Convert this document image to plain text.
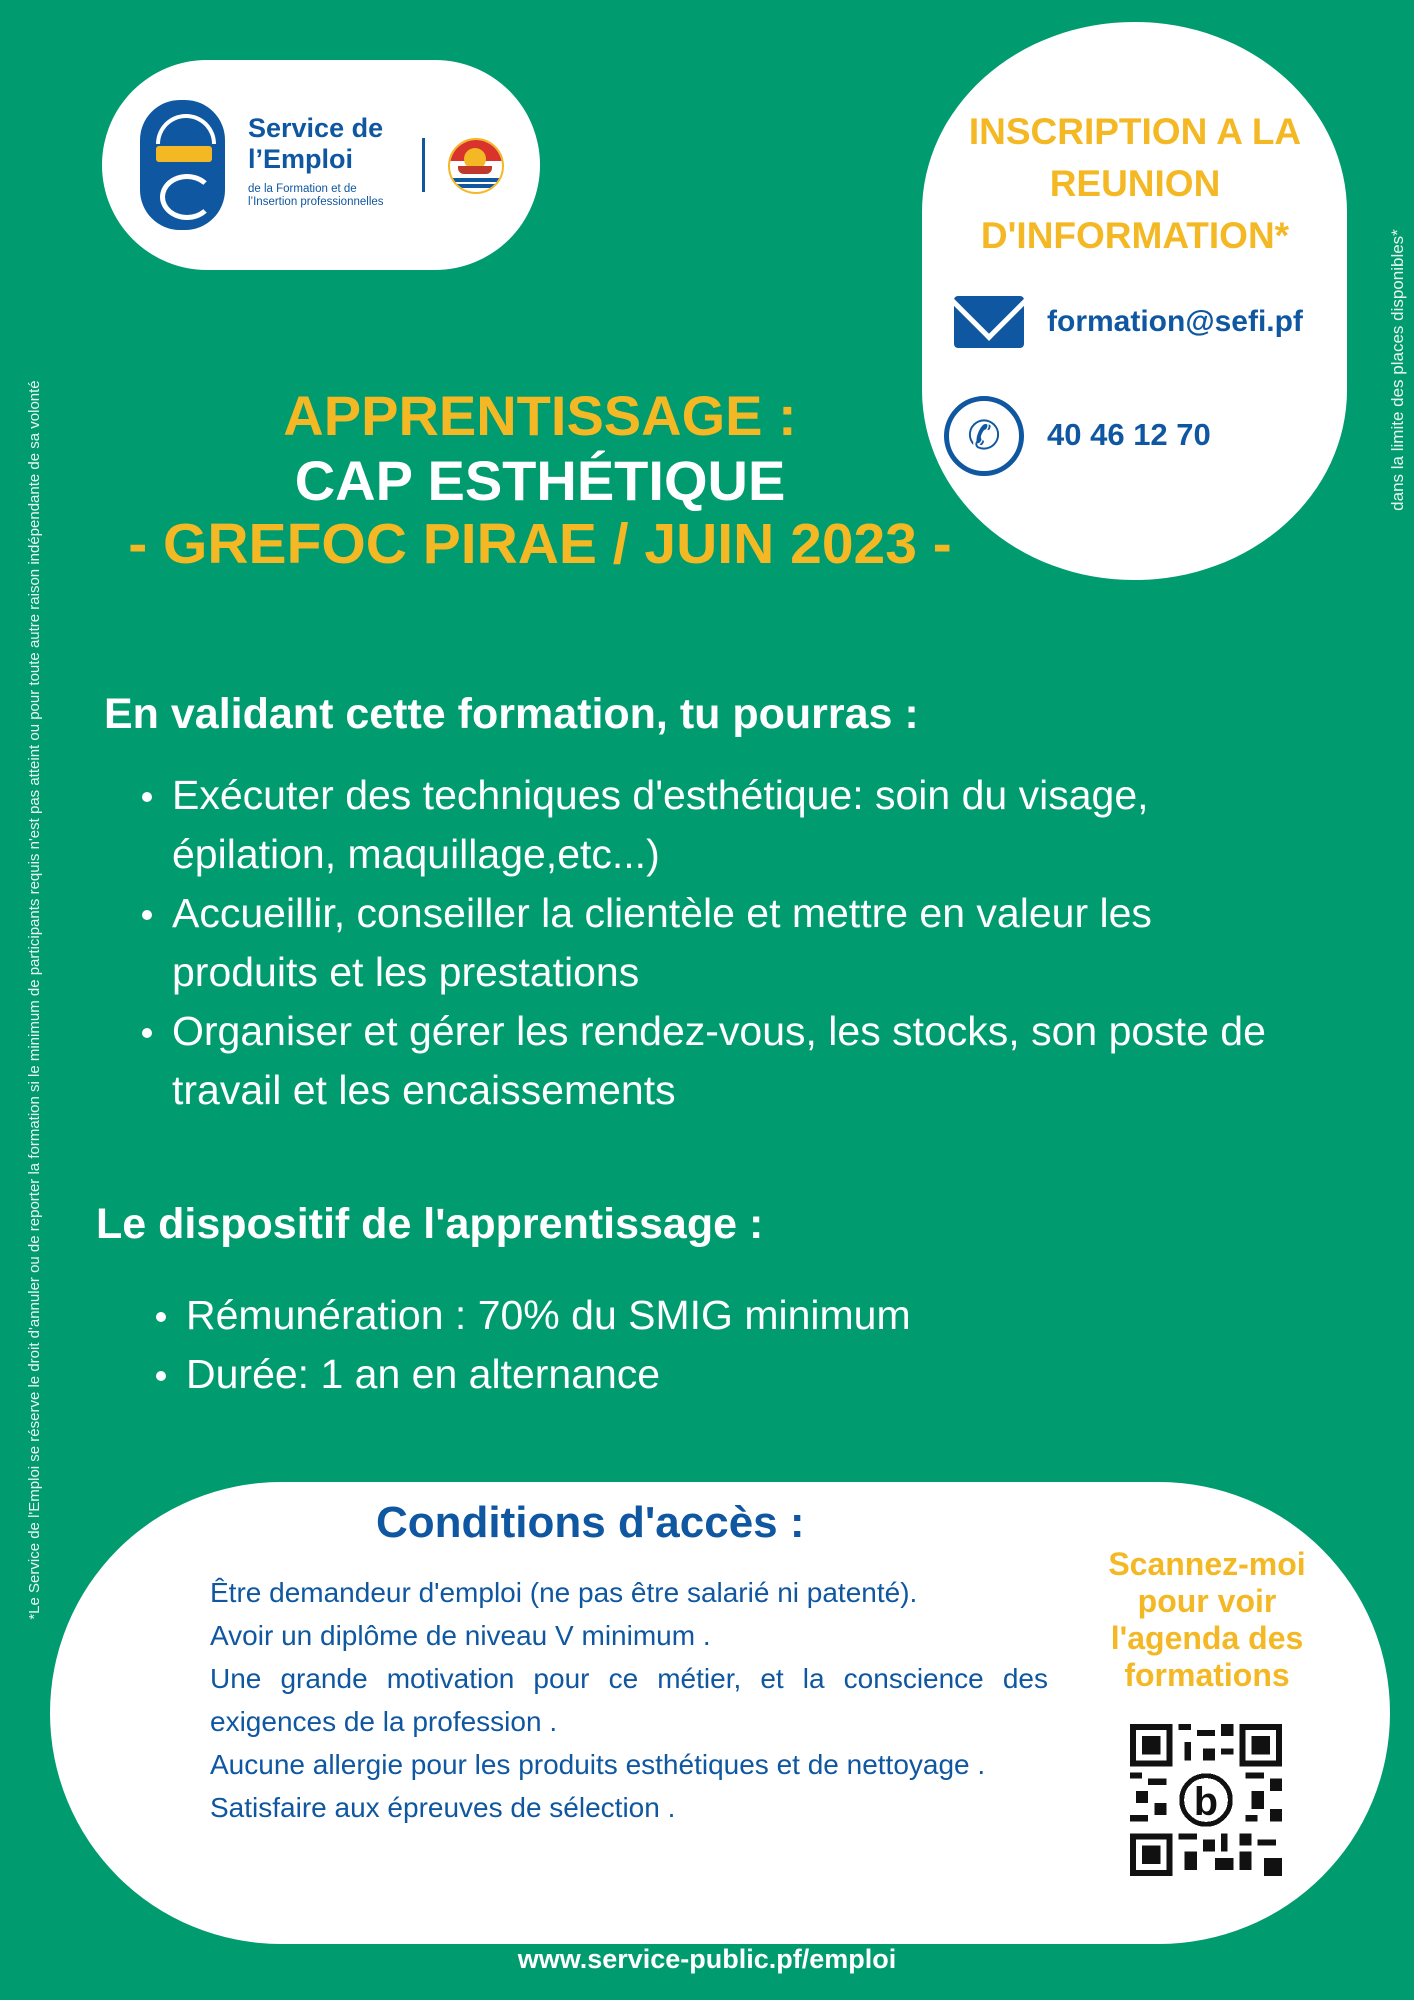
*Le Service de l'Emploi se réserve le droit d'annuler ou de reporter la formation si le minimum de participants requis n'est pas atteint ou pour toute autre raison indépendante de sa volonté
dans la limite des places disponibles*
Service de
l’Emploi
de la Formation et de
l’Insertion professionnelles
INSCRIPTION A LA REUNION D'INFORMATION*
formation@sefi.pf
✆	40 46 12 70
APPRENTISSAGE :
CAP ESTHÉTIQUE
- GREFOC PIRAE / JUIN 2023 -
En validant cette formation, tu pourras :
Exécuter des techniques d'esthétique: soin du visage, épilation, maquillage,etc...)
Accueillir, conseiller la clientèle et mettre en valeur les produits et les prestations
Organiser et gérer les rendez-vous, les stocks, son poste de travail et les encaissements
Le dispositif de l'apprentissage :
Rémunération : 70% du SMIG minimum
Durée: 1 an en alternance
Conditions d'accès :
Être demandeur d'emploi (ne pas être salarié ni patenté).
Avoir un diplôme de niveau V minimum .
Une grande motivation pour ce métier, et la conscience des exigences de la profession .
Aucune allergie pour les produits esthétiques et de nettoyage .
Satisfaire aux épreuves de sélection .
Scannez-moi pour voir l'agenda des formations
b
www.service-public.pf/emploi
